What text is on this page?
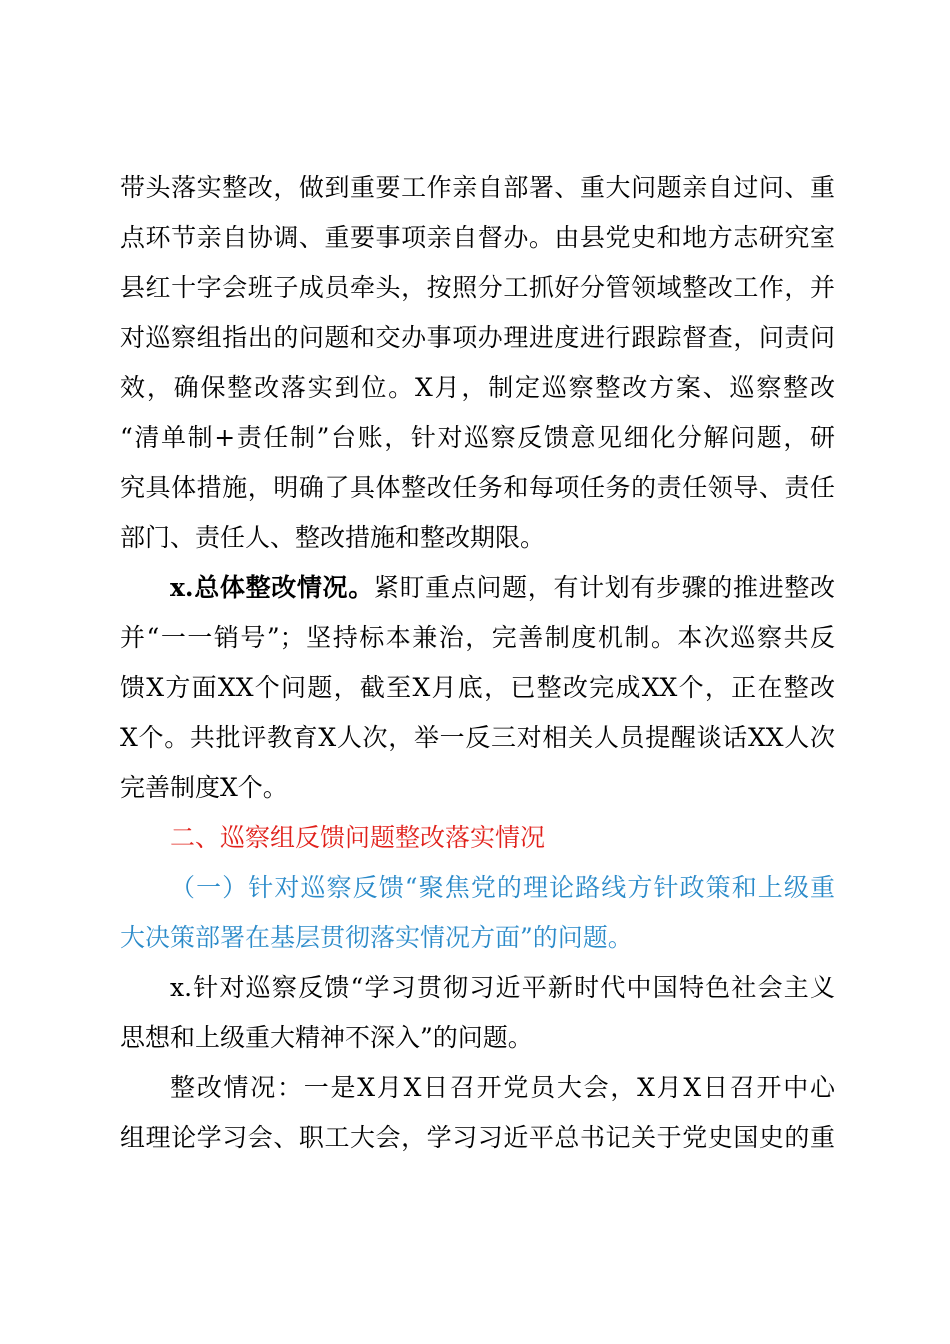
带头落实整改，做到重要工作亲自部署、重大问题亲自过问、重
点环节亲自协调、重要事项亲自督办。由县党史和地方志研究室
县红十字会班子成员牵头，按照分工抓好分管领域整改工作，并
对巡察组指出的问题和交办事项办理进度进行跟踪督查，问责问
效，确保整改落实到位。X月，制定巡察整改方案、巡察整改
“清单制+责任制”台账，针对巡察反馈意见细化分解问题，研
究具体措施，明确了具体整改任务和每项任务的责任领导、责任
部门、责任人、整改措施和整改期限。
x.总体整改情况。紧盯重点问题，有计划有步骤的推进整改
并“一一销号”；坚持标本兼治，完善制度机制。本次巡察共反
馈X方面XX个问题，截至X月底，已整改完成XX个，正在整改
X个。共批评教育X人次，举一反三对相关人员提醒谈话XX人次
完善制度X个。
二、巡察组反馈问题整改落实情况
（一）针对巡察反馈“聚焦党的理论路线方针政策和上级重
大决策部署在基层贯彻落实情况方面”的问题。
x.针对巡察反馈“学习贯彻习近平新时代中国特色社会主义
思想和上级重大精神不深入”的问题。
整改情况：一是X月X日召开党员大会，X月X日召开中心
组理论学习会、职工大会，学习习近平总书记关于党史国史的重
